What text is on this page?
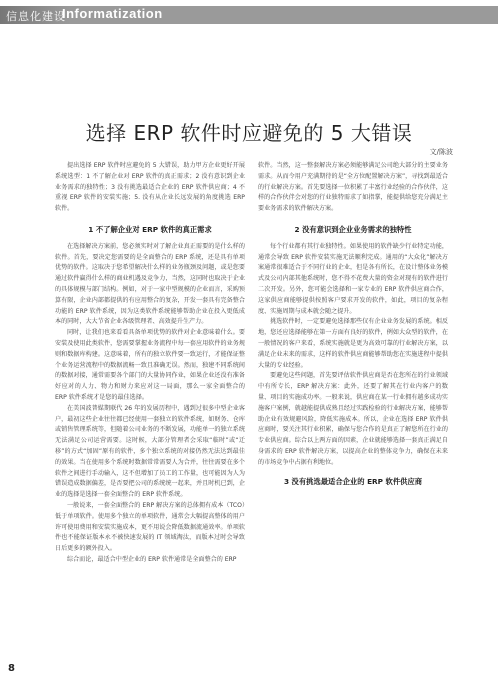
信息化建设
Informatization
选择 ERP 软件时应避免的 5 大错误
文/陈波

提出选择 ERP 软件时应避免的 5 大错误，助力甲方企业更好开展系统选型：1 不了解企业对 ERP 软件的真正需求；2 没有意识到企业业务需求的独特性；3 没有挑选最适合企业的 ERP 软件供应商；4 不重视 ERP 软件的安装实施；5. 没有从企业长远发展的角度挑选 ERP 软件。

1 不了解企业对 ERP 软件的真正需求

在选择解决方案前，您必须实时对了解企业真正需要的是什么样的软件。首先，要决定您需要的是全面整合的 ERP 系统，还是具有单项优势的软件。这取决于您希望解决什么样的业务瓶颈及问题，或是您要通过软件赢得什么样的商业机遇及竞争力，当然，这同时也取决于企业的具体规模与部门结构。例如，对于一家中型规模的企业而言，采购预算有限，企业内部都提供的有应用整合的复杂，开发一套具有完备整合功能的 ERP 软件系统，因为这类软件系统能够帮助企业在投入更低成本的同时，大大节省企业各级管理者、高效提升生产力。

同时，让我们也来看看具备单项优势的软件对企业意味着什么。要安装及使用此类软件，您需要掌握业务流程中每一套应用软件的业务规则和数据库构建。这意味着，所有的独立软件要一致运行，才能保证整个业务运营流程中的数据流畅一致且准确无误。然而，独建不同系统间的数据对接，通常需要各个部门的大量协同作业，如果企业还没有准备好应对的人力、物力和财力来应对这一局面，那么一家全面整合的 ERP 软件系统才是您的最佳选择。

在美国波普媒期联代 26 年的发展历程中，遇到过很多中型企业客户，最初这些企业往往都已经使用一套独立的软件系统，如财务、仓库或销售管理系统等，但随着公司业务的不断发展，功能单一的独立系统无法满足公司运营需要。这时候，大部分管理者会采取“临时”或“迁移”的方式“加固”原有的软件，多个独立系统的对接仍然无法达到最佳的效果。当在使用多个系统时数据常常需要人为合并，往往需要在多个软件之间进行手动输入，这不但增加了员工的工作量，也可能因为人为错误造成数据偏差，是否要把公司的系统统一起来，并且时机已到，企业的选择是选择一套全面整合的 ERP 软件系统。

一般说来，一套全面整合的 ERP 解决方案的总体拥有成本（TCO）低于单项软件。使用多个独立的单项软件，通常会大幅提高整体的用户许可使用费用和安装实施成本，更不用说会降低数据流通效率。单项软件也不能保证版本永不被快速发展的 IT 领域淘汰，而版本过时会导致日后更多的额外投入。

综合而论，最适合中型企业的 ERP 软件通常是全面整合的 ERP

软件。当然，这一整套解决方案必须能够满足公司绝大部分的主要业务需求。从而令用户充满期待的是“全方位配置解决方案”，寻找到最适合的行业解决方案。首先要选择一位积累了丰富行业经验的合作伙伴，这样的合作伙伴会对您的行业独特需求了如指掌，能提供给您充分满足主要业务需求的软件解决方案。

2 没有意识到企业业务需求的独特性

每个行业都有其行业独特性。如果使用的软件缺少行业特定功能，通常会导致 ERP 软件安装实施无法顺利完成。通用的“大众化”解决方案通常很难适合于不同行业的企业，但是各有所长，在设计整体业务模式及公司内部其他系统时，您不得不花费大量的资金对现有的软件进行二次开发。另外，您可能会选择和一家专业的 ERP 软件供应商合作，这家供应商能够提供按照客户要求开发的软件，如此，项目的复杂程度、实施周期与成本就会随之提升。

挑选软件时，一定要避免选择那些仅有企业业务发展的系统。相反地，您还应选择能够在第一方面有良好的软件，例如大众型的软件，在一般情况的客户来看，系统实施就是更为高效可靠的行业解决方案，以满足企业未来的需求，这样的软件供应商能够帮助您在实施进程中提供大量的专业经验。

要避免这些问题，首先要评估软件供应商是否在您所在的行业领域中有所专长，ERP 解决方案：此外，还要了解其在行业内客户的数量、项目的实施成功率。一般来说，供应商在某一行业拥有越多成功实施客户案例，就越能提供成熟且经过实践检验的行业解决方案，能够帮助企业有效规避风险，降低实施成本。所以，企业在选择 ERP 软件供应商时，要关注其行业积累，确保与您合作的是真正了解您所在行业的专业供应商。综合以上两方面的因素，企业就能够选择一套真正满足自身需求的 ERP 软件解决方案，以提高企业的整体竞争力，确保在未来的市场竞争中占据有利地位。

3 没有挑选最适合企业的 ERP 软件供应商
8
